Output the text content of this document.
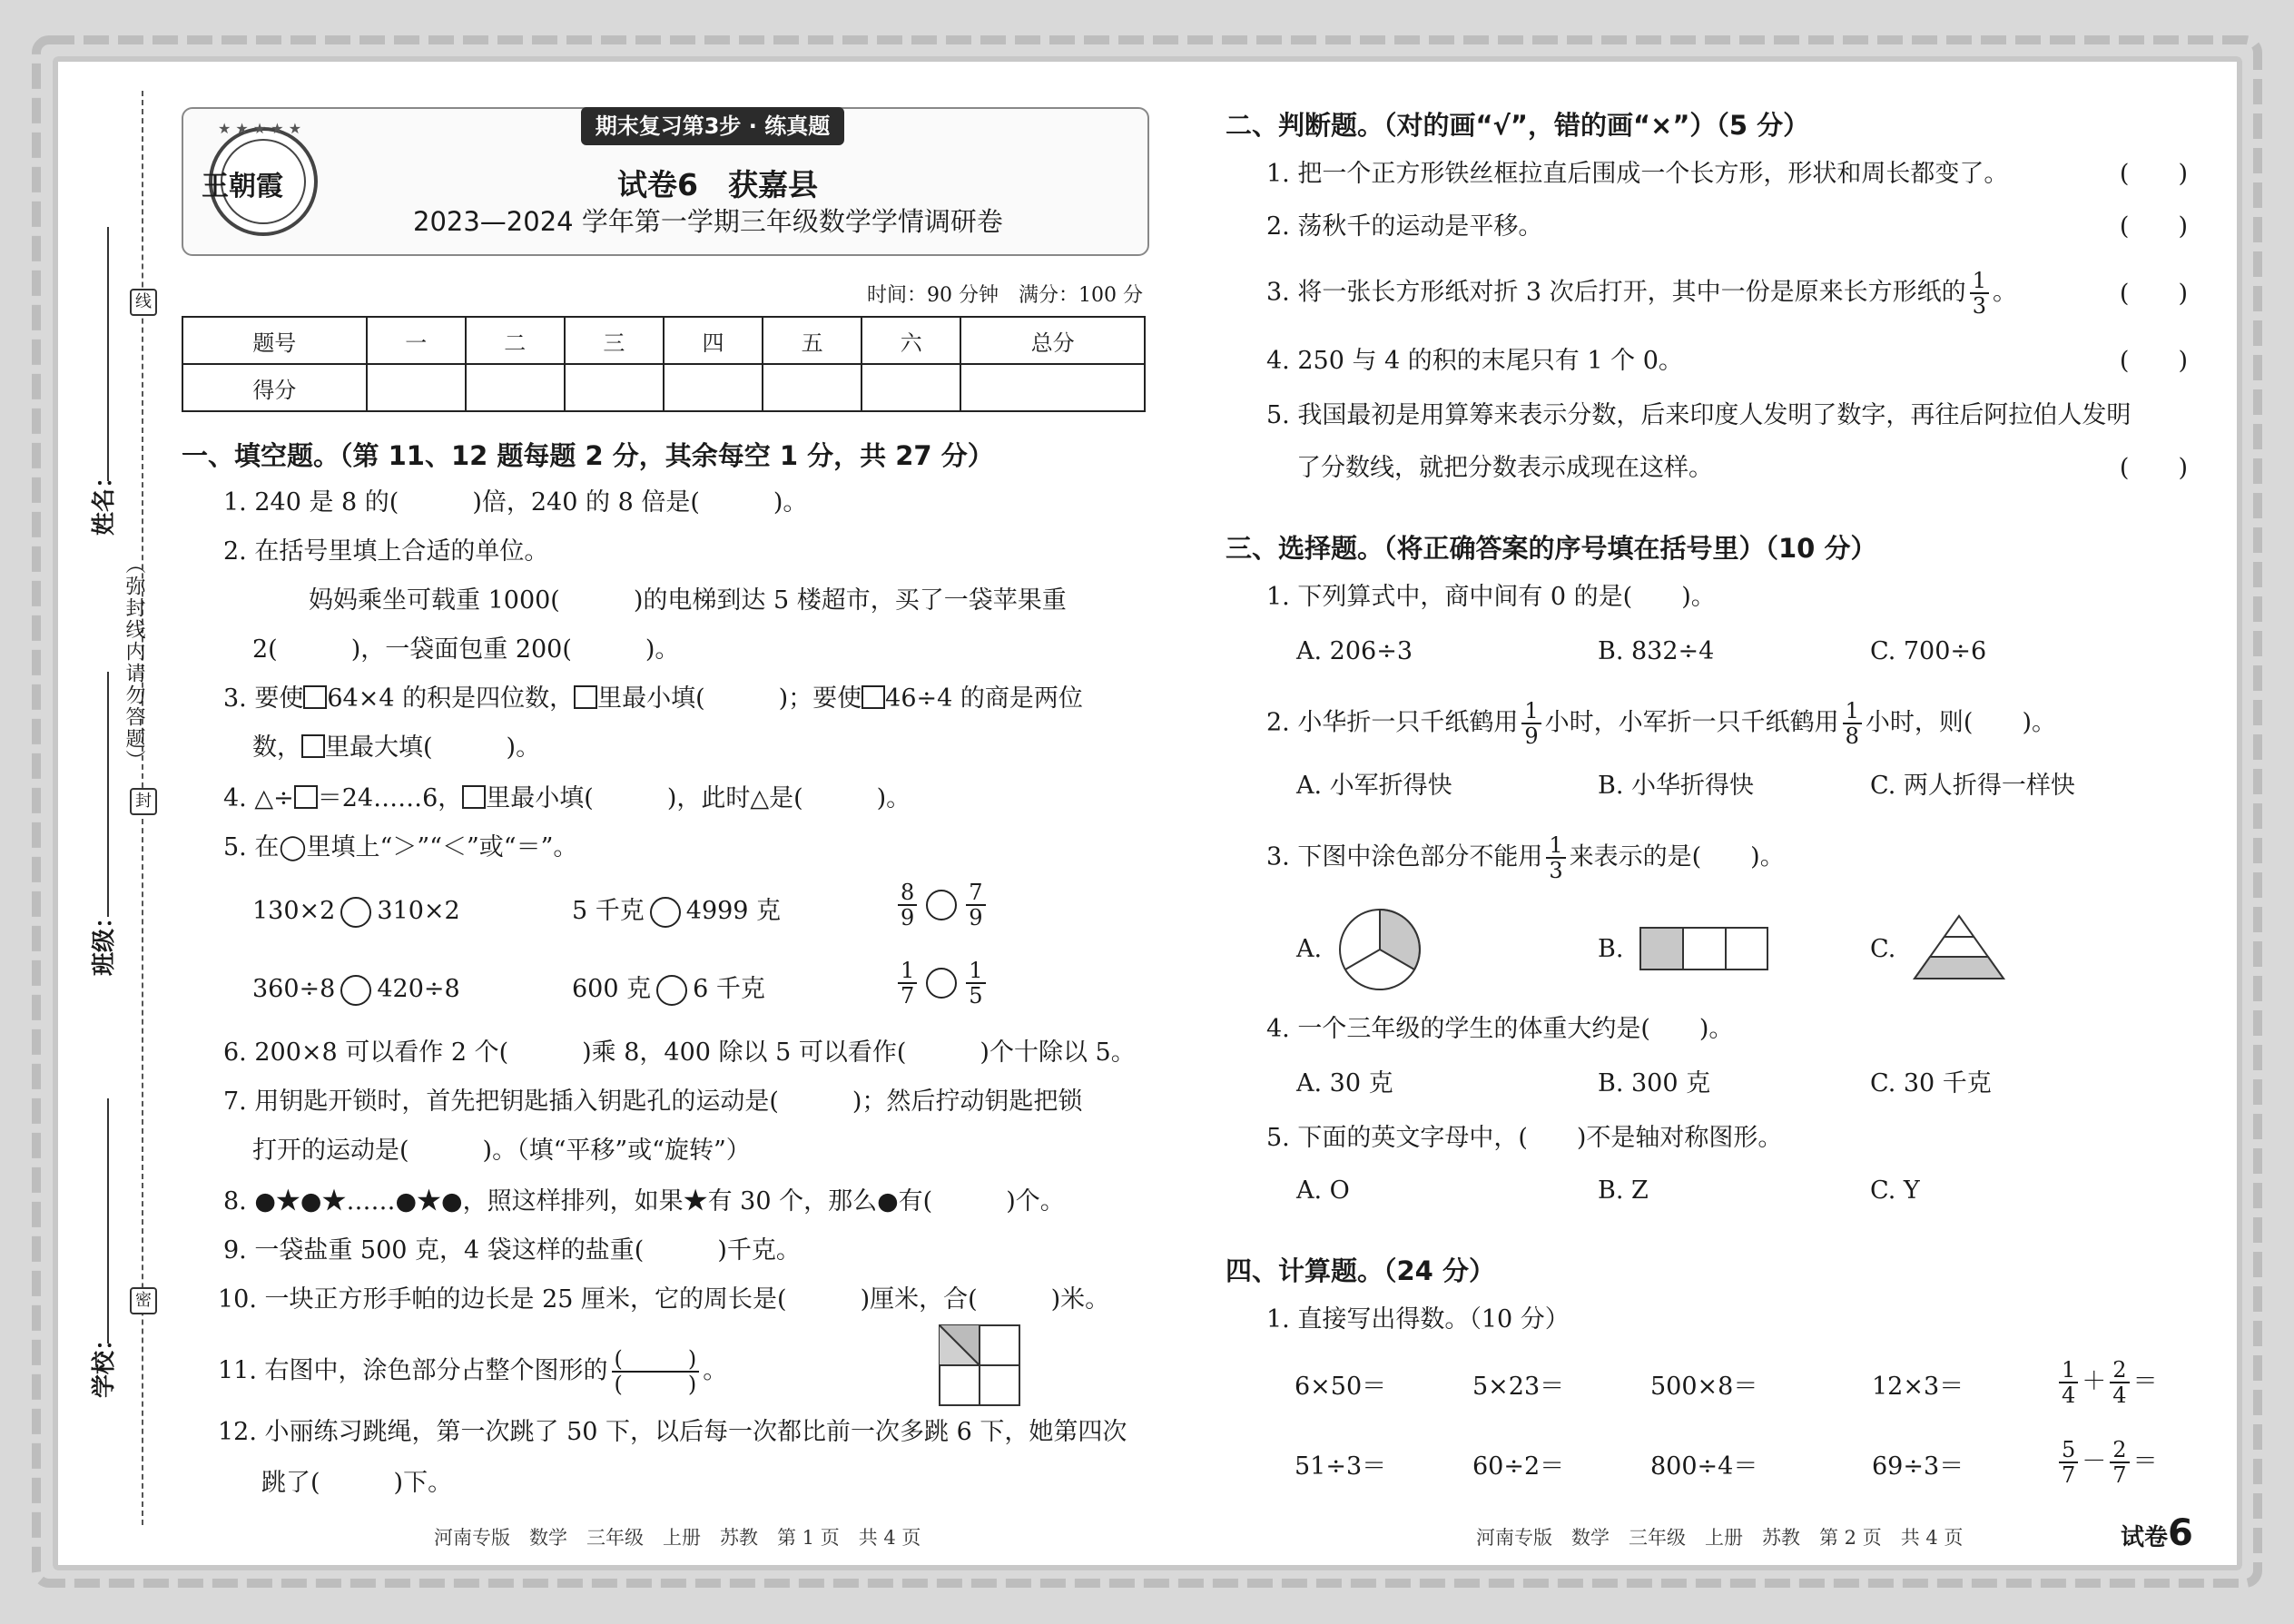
线
封
密
（弥封线内请勿答题）
姓名：
班级：
学校：
★ ★ ★ ★ ★
王朝霞
期末复习第3步 · 练真题
试卷6　获嘉县
2023—2024 学年第一学期三年级数学学情调研卷
时间：90 分钟　满分：100 分
题号	一	二	三	四	五	六	总分
得分							
一、填空题。（第 11、12 题每题 2 分，其余每空 1 分，共 27 分）
1. 240 是 8 的(　　　)倍，240 的 8 倍是(　　　)。
2. 在括号里填上合适的单位。
妈妈乘坐可载重 1000(　　　)的电梯到达 5 楼超市，买了一袋苹果重
2(　　　)，一袋面包重 200(　　　)。
3. 要使 64×4 的积是四位数， 里最小填(　　　)；要使 46÷4 的商是两位
数， 里最大填(　　　)。
4. △÷ ＝24……6， 里最小填(　　　)，此时△是(　　　)。
5. 在◯里填上“＞”“＜”或“＝”。
130×2 310×2	5 千克 4999 克	$\frac{8}{9} \frac{7}{9}$
360÷8 420÷8	600 克 6 千克	$\frac{1}{7} \frac{1}{5}$
6. 200×8 可以看作 2 个(　　　)乘 8，400 除以 5 可以看作(　　　)个十除以 5。
7. 用钥匙开锁时，首先把钥匙插入钥匙孔的运动是(　　　)；然后拧动钥匙把锁
打开的运动是(　　　)。（填“平移”或“旋转”）
8. ●★●★……●★●，照这样排列，如果★有 30 个，那么●有(　　　)个。
9. 一袋盐重 500 克，4 袋这样的盐重(　　　)千克。
10. 一块正方形手帕的边长是 25 厘米，它的周长是(　　　)厘米，合(　　　)米。
11. 右图中，涂色部分占整个图形的 $\frac{( )}{( )}$ 。
12. 小丽练习跳绳，第一次跳了 50 下，以后每一次都比前一次多跳 6 下，她第四次
跳了(　　　)下。
河南专版　数学　三年级　上册　苏教　第 1 页　共 4 页
二、判断题。（对的画“√”，错的画“×”）（5 分）
1. 把一个正方形铁丝框拉直后围成一个长方形，形状和周长都变了。	(　　)
2. 荡秋千的运动是平移。	(　　)
3. 将一张长方形纸对折 3 次后打开，其中一份是原来长方形纸的 $\frac{1}{3}$ 。	(　　)
4. 250 与 4 的积的末尾只有 1 个 0。	(　　)
5. 我国最初是用算筹来表示分数，后来印度人发明了数字，再往后阿拉伯人发明
了分数线，就把分数表示成现在这样。	(　　)
三、选择题。（将正确答案的序号填在括号里）（10 分）
1. 下列算式中，商中间有 0 的是(　　)。
A. 206÷3	B. 832÷4	C. 700÷6
2. 小华折一只千纸鹤用 $\frac{1}{9}$ 小时，小军折一只千纸鹤用 $\frac{1}{8}$ 小时，则(　　)。
A. 小军折得快	B. 小华折得快	C. 两人折得一样快
3. 下图中涂色部分不能用 $\frac{1}{3}$ 来表示的是(　　)。
A.	B.	C.
4. 一个三年级的学生的体重大约是(　　)。
A. 30 克	B. 300 克	C. 30 千克
5. 下面的英文字母中，(　　)不是轴对称图形。
A. O	B. Z	C. Y
四、计算题。（24 分）
1. 直接写出得数。（10 分）
6×50＝	5×23＝	500×8＝	12×3＝	$\frac{1}{4} + \frac{2}{4}$ ＝
51÷3＝	60÷2＝	800÷4＝	69÷3＝	$\frac{5}{7} - \frac{2}{7}$ ＝
河南专版　数学　三年级　上册　苏教　第 2 页　共 4 页	试卷6
